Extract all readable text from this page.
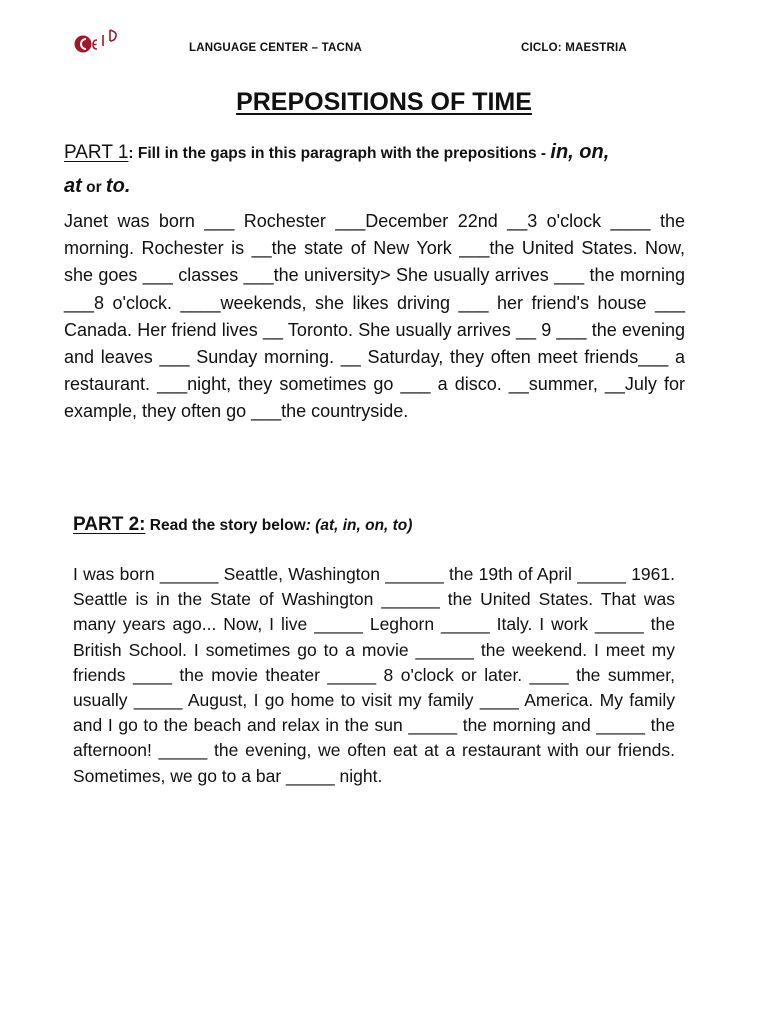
LANGUAGE CENTER – TACNA	CICLO: MAESTRIA
PREPOSITIONS OF TIME
PART 1: Fill in the gaps in this paragraph with the prepositions - in, on,
at or to.
Janet was born ___ Rochester ___December 22nd __3 o'clock ____ the morning. Rochester is __the state of New York ___the United States. Now, she goes ___ classes ___the university> She usually arrives ___ the morning ___8 o'clock. ____weekends, she likes driving ___ her friend's house ___ Canada. Her friend lives __ Toronto. She usually arrives __ 9 ___ the evening and leaves ___ Sunday morning. __ Saturday, they often meet friends___ a restaurant. ___night, they sometimes go ___ a disco. __summer, __July for example, they often go ___the countryside.
PART 2: Read the story below: (at, in, on, to)
I was born ______ Seattle, Washington ______ the 19th of April _____ 1961. Seattle is in the State of Washington ______ the United States. That was many years ago... Now, I live _____ Leghorn _____ Italy. I work _____ the British School. I sometimes go to a movie ______ the weekend. I meet my friends ____ the movie theater _____ 8 o'clock or later. ____ the summer, usually _____ August, I go home to visit my family ____ America. My family and I go to the beach and relax in the sun _____ the morning and _____ the afternoon! _____ the evening, we often eat at a restaurant with our friends. Sometimes, we go to a bar _____ night.
